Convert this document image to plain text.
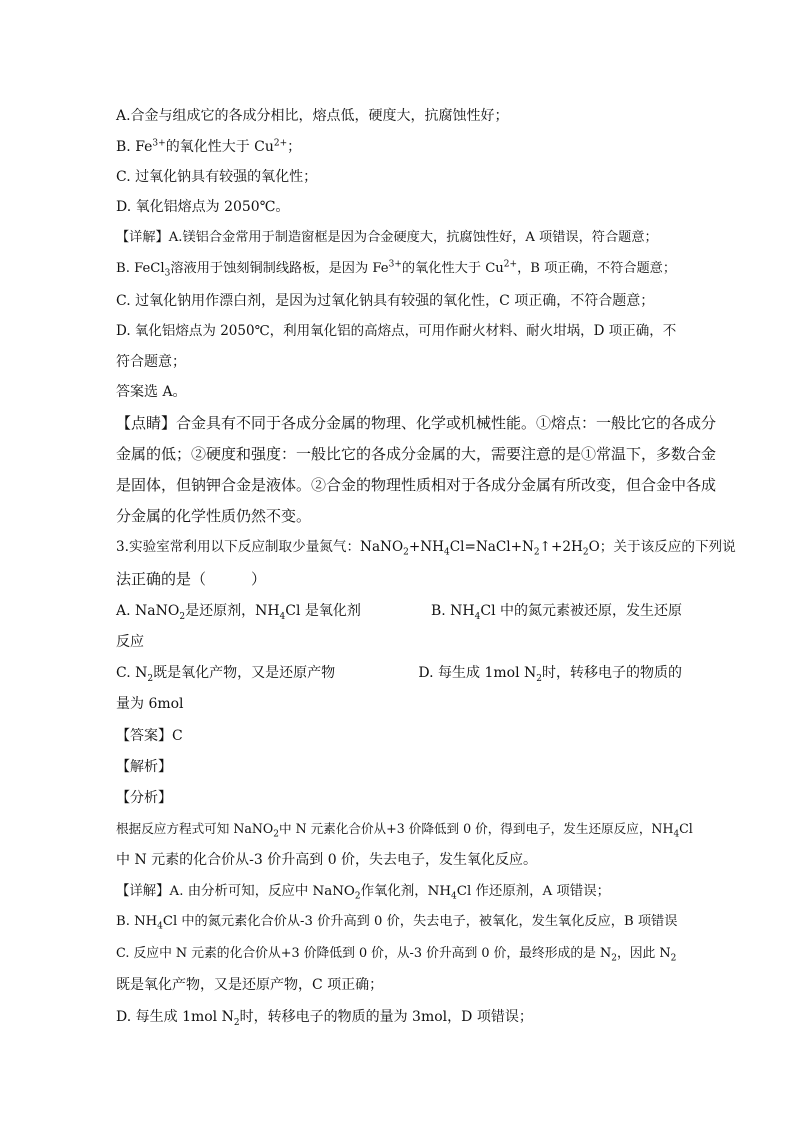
A.合金与组成它的各成分相比，熔点低，硬度大，抗腐蚀性好；
B. $Fe^{3+}$的氧化性大于 $Cu^{2+}$；
C. 过氧化钠具有较强的氧化性；
D. 氧化铝熔点为 2050℃。
【详解】A.镁铝合金常用于制造窗框是因为合金硬度大，抗腐蚀性好，A 项错误，符合题意；
B. FeCl$_3$溶液用于蚀刻铜制线路板，是因为 $Fe^{3+}$的氧化性大于 $Cu^{2+}$，B 项正确，不符合题意；
C. 过氧化钠用作漂白剂，是因为过氧化钠具有较强的氧化性，C 项正确，不符合题意；
D. 氧化铝熔点为 2050℃，利用氧化铝的高熔点，可用作耐火材料、耐火坩埚，D 项正确，不
符合题意；
答案选 A。
【点睛】合金具有不同于各成分金属的物理、化学或机械性能。①熔点：一般比它的各成分
金属的低；②硬度和强度：一般比它的各成分金属的大，需要注意的是①常温下，多数合金
是固体，但钠钾合金是液体。②合金的物理性质相对于各成分金属有所改变，但合金中各成
分金属的化学性质仍然不变。
3.实验室常利用以下反应制取少量氮气：$NaNO_2+NH_4Cl=NaCl+N_2↑+2H_2O$；关于该反应的下列说
法正确的是（　　　）
A. NaNO$_2$是还原剂，$NH_4Cl$ 是氧化剂	B. $NH_4Cl$ 中的氮元素被还原，发生还原
反应
C. $N_2$既是氧化产物，又是还原产物	D. 每生成 1mol $N_2$时，转移电子的物质的
量为 6mol
【答案】C
【解析】
【分析】
根据反应方程式可知 NaNO$_2$中 N 元素化合价从+3 价降低到 0 价，得到电子，发生还原反应，$NH_4Cl$
中 N 元素的化合价从-3 价升高到 0 价，失去电子，发生氧化反应。
【详解】A. 由分析可知，反应中 NaNO$_2$作氧化剂，$NH_4Cl$ 作还原剂，A 项错误；
B. $NH_4Cl$ 中的氮元素化合价从-3 价升高到 0 价，失去电子，被氧化，发生氧化反应，B 项错误
C. 反应中 N 元素的化合价从+3 价降低到 0 价，从-3 价升高到 0 价，最终形成的是 $N_2$，因此 $N_2$
既是氧化产物，又是还原产物，C 项正确；
D. 每生成 1mol $N_2$时，转移电子的物质的量为 3mol，D 项错误；
